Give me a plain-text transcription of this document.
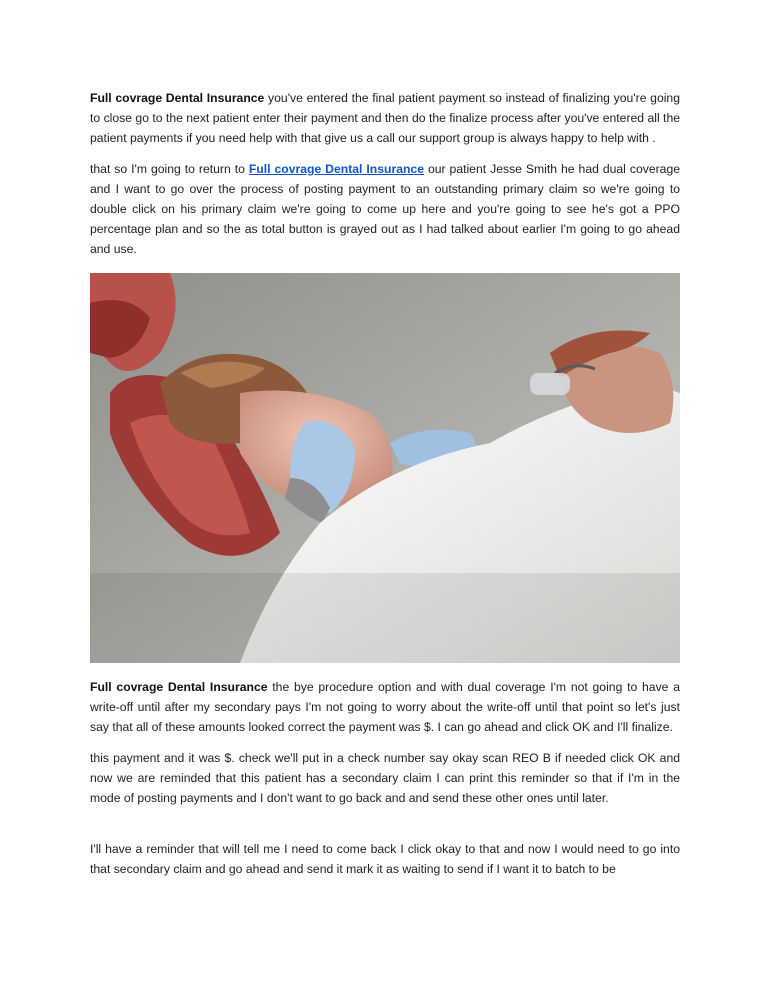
Full covrage Dental Insurance you've entered the final patient payment so instead of finalizing you're going to close go to the next patient enter their payment and then do the finalize process after you've entered all the patient payments if you need help with that give us a call our support group is always happy to help with .

that so I'm going to return to Full covrage Dental Insurance our patient Jesse Smith he had dual coverage and I want to go over the process of posting payment to an outstanding primary claim so we're going to double click on his primary claim we're going to come up here and you're going to see he's got a PPO percentage plan and so the as total button is grayed out as I had talked about earlier I'm going to go ahead and use.

Full covrage Dental Insurance the bye procedure option and with dual coverage I'm not going to have a write-off until after my secondary pays I'm not going to worry about the write-off until that point so let's just say that all of these amounts looked correct the payment was $. I can go ahead and click OK and I'll finalize.

this payment and it was $. check we'll put in a check number say okay scan REO B if needed click OK and now we are reminded that this patient has a secondary claim I can print this reminder so that if I'm in the mode of posting payments and I don't want to go back and and send these other ones until later.

I'll have a reminder that will tell me I need to come back I click okay to that and now I would need to go into that secondary claim and go ahead and send it mark it as waiting to send if I want it to batch to be
